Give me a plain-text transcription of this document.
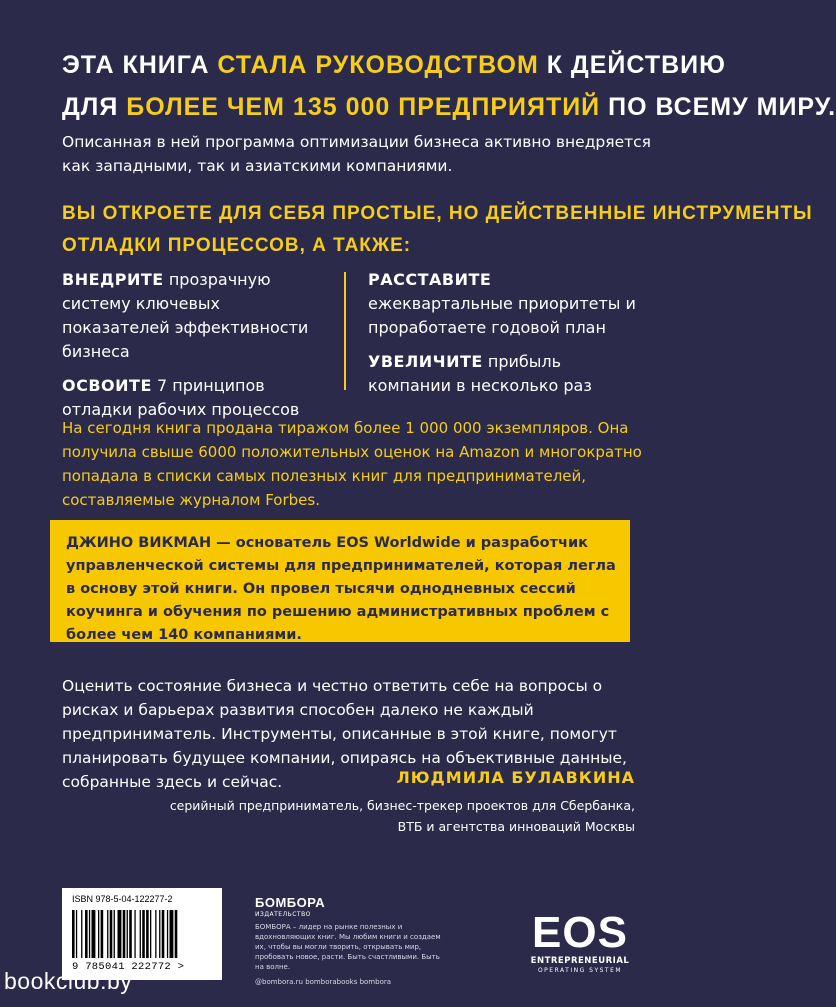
ЭТА КНИГА СТАЛА РУКОВОДСТВОМ К ДЕЙСТВИЮ
ДЛЯ БОЛЕЕ ЧЕМ 135 000 ПРЕДПРИЯТИЙ ПО ВСЕМУ МИРУ.
Описанная в ней программа оптимизации бизнеса активно внедряется как западными, так и азиатскими компаниями.
ВЫ ОТКРОЕТЕ ДЛЯ СЕБЯ ПРОСТЫЕ, НО ДЕЙСТВЕННЫЕ ИНСТРУМЕНТЫ
ОТЛАДКИ ПРОЦЕССОВ, А ТАКЖЕ:
ВНЕДРИТЕ прозрачную систему ключевых показателей эффективности бизнеса
ОСВОИТЕ 7 принципов отладки рабочих процессов
РАССТАВИТЕ ежеквартальные приоритеты и проработаете годовой план
УВЕЛИЧИТЕ прибыль компании в несколько раз
На сегодня книга продана тиражом более 1 000 000 экземпляров. Она получила свыше 6000 положительных оценок на Amazon и многократно попадала в списки самых полезных книг для предпринимателей, составляемые журналом Forbes.

ДЖИНО ВИКМАН — основатель EOS Worldwide и разработчик управленческой системы для предпринимателей, которая легла в основу этой книги. Он провел тысячи однодневных сессий коучинга и обучения по решению административных проблем с более чем 140 компаниями.

Оценить состояние бизнеса и честно ответить себе на вопросы о рисках и барьерах развития способен далеко не каждый предприниматель. Инструменты, описанные в этой книге, помогут планировать будущее компании, опираясь на объективные данные, собранные здесь и сейчас.	ЛЮДМИЛА БУЛАВКИНА
серийный предприниматель, бизнес-трекер проектов для Сбербанка,
ВТБ и агентства инноваций Москвы
ISBN 978-5-04-122277-2
9 785041 222772 >
БОМБОРА
ИЗДАТЕЛЬСТВО
БОМБОРА – лидер на рынке полезных и вдохновляющих книг. Мы любим книги и создаем их, чтобы вы могли творить, открывать мир, пробовать новое, расти. Быть счастливыми. Быть на волне.
@bombora.ru bomborabooks bombora
EOS
ENTREPRENEURIAL
OPERATING SYSTEM
bookclub.by
